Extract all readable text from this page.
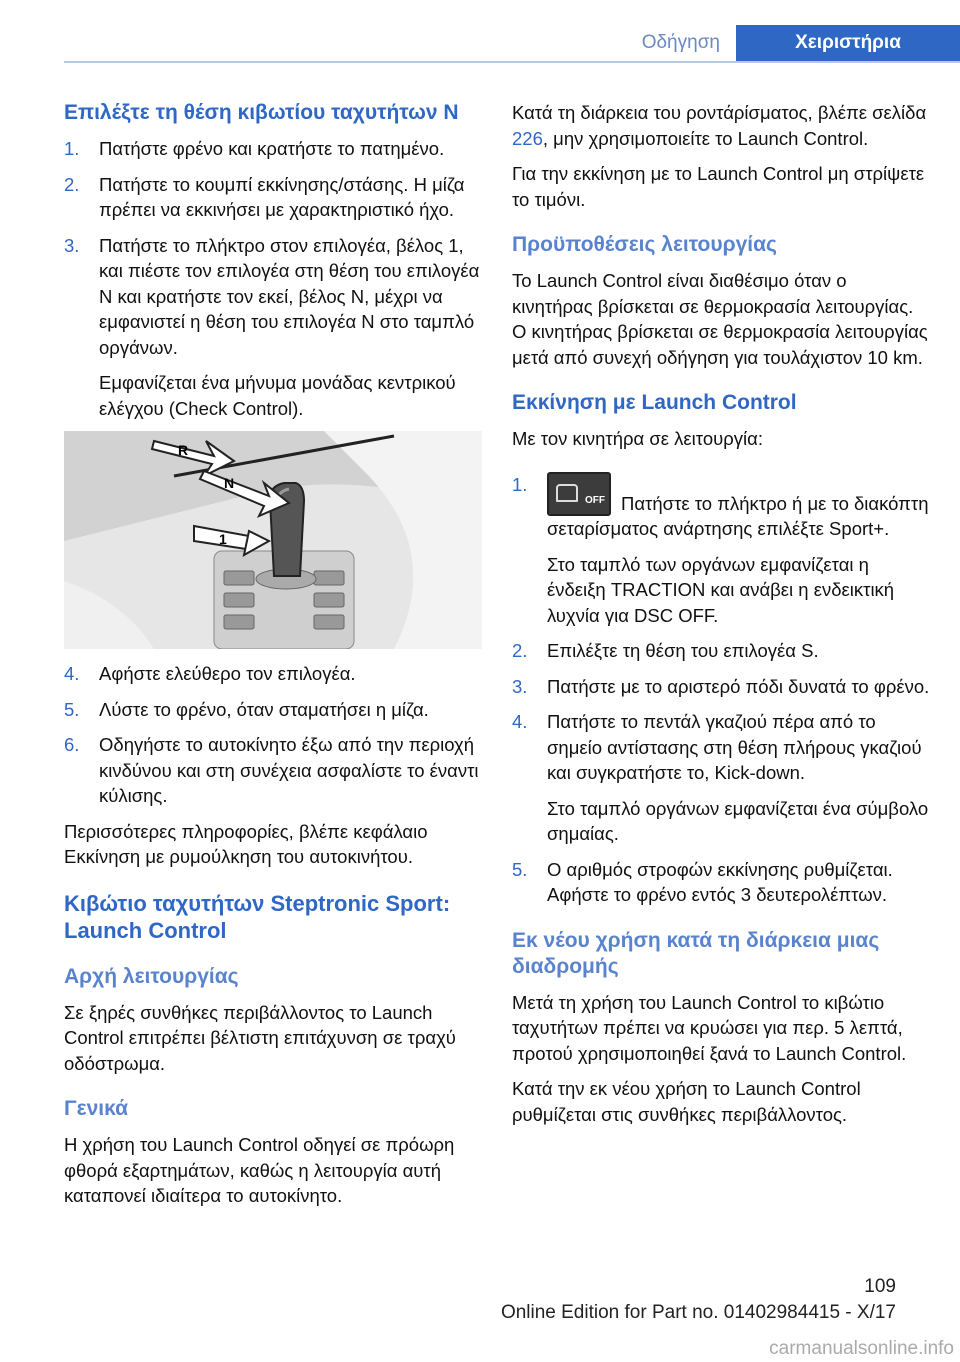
Οδήγηση	Χειριστήρια
Επιλέξτε τη θέση κιβωτίου ταχυτήτων N
1. Πατήστε φρένο και κρατήστε το πατημένο.
2. Πατήστε το κουμπί εκκίνησης/στάσης. Η μίζα πρέπει να εκκινήσει με χαρακτηριστικό ήχο.
3. Πατήστε το πλήκτρο στον επιλογέα, βέλος 1, και πιέστε τον επιλογέα στη θέση του επιλογέα N και κρατήστε τον εκεί, βέλος N, μέχρι να εμφανιστεί η θέση του επιλογέα N στο ταμπλό οργάνων.
Εμφανίζεται ένα μήνυμα μονάδας κεντρικού ελέγχου (Check Control).
R
N
1
4. Αφήστε ελεύθερο τον επιλογέα.
5. Λύστε το φρένο, όταν σταματήσει η μίζα.
6. Οδηγήστε το αυτοκίνητο έξω από την περιοχή κινδύνου και στη συνέχεια ασφαλίστε το έναντι κύλισης.

Περισσότερες πληροφορίες, βλέπε κεφάλαιο Εκκίνηση με ρυμούλκηση του αυτοκινήτου.

Κιβώτιο ταχυτήτων Steptronic Sport: Launch Control
Αρχή λειτουργίας

Σε ξηρές συνθήκες περιβάλλοντος το Launch Control επιτρέπει βέλτιστη επιτάχυνση σε τραχύ οδόστρωμα.

Γενικά

Η χρήση του Launch Control οδηγεί σε πρόωρη φθορά εξαρτημάτων, καθώς η λειτουργία αυτή καταπονεί ιδιαίτερα το αυτοκίνητο.

Κατά τη διάρκεια του ροντάρίσματος, βλέπε σελίδα 226, μην χρησιμοποιείτε το Launch Control.

Για την εκκίνηση με το Launch Control μη στρίψετε το τιμόνι.

Προϋποθέσεις λειτουργίας

Το Launch Control είναι διαθέσιμο όταν ο κινητήρας βρίσκεται σε θερμοκρασία λειτουργίας. Ο κινητήρας βρίσκεται σε θερμοκρασία λειτουργίας μετά από συνεχή οδήγηση για τουλάχιστον 10 km.

Εκκίνηση με Launch Control

Με τον κινητήρα σε λειτουργία:

1.
OFF Πατήστε το πλήκτρο ή με το διακόπτη σεταρίσματος ανάρτησης επιλέξτε Sport+.
Στο ταμπλό των οργάνων εμφανίζεται η ένδειξη TRACTION και ανάβει η ενδεικτική λυχνία για DSC OFF.
2. Επιλέξτε τη θέση του επιλογέα S.
3. Πατήστε με το αριστερό πόδι δυνατά το φρένο.
4. Πατήστε το πεντάλ γκαζιού πέρα από το σημείο αντίστασης στη θέση πλήρους γκαζιού και συγκρατήστε το, Kick-down.
Στο ταμπλό οργάνων εμφανίζεται ένα σύμβολο σημαίας.
5. Ο αριθμός στροφών εκκίνησης ρυθμίζεται. Αφήστε το φρένο εντός 3 δευτερολέπτων.
Εκ νέου χρήση κατά τη διάρκεια μιας διαδρομής

Μετά τη χρήση του Launch Control το κιβώτιο ταχυτήτων πρέπει να κρυώσει για περ. 5 λεπτά, προτού χρησιμοποιηθεί ξανά το Launch Control.

Κατά την εκ νέου χρήση το Launch Control ρυθμίζεται στις συνθήκες περιβάλλοντος.

109
Online Edition for Part no. 01402984415 - X/17
carmanualsonline.info
